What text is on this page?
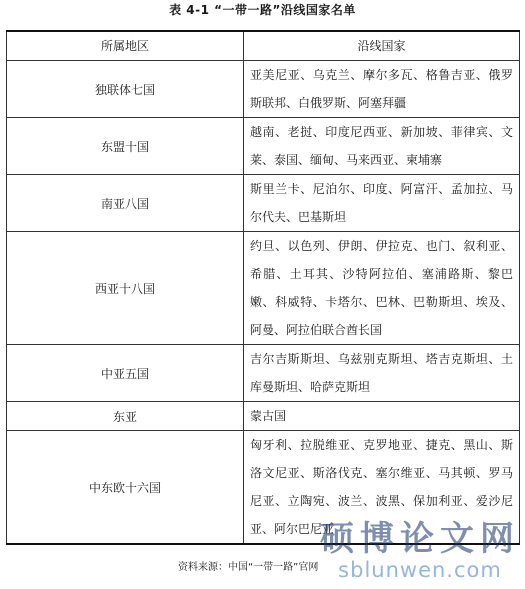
表 4-1 “一带一路”沿线国家名单
所属地区	沿线国家
独联体七国	亚美尼亚、乌克兰、摩尔多瓦、格鲁吉亚、俄罗斯联邦、白俄罗斯、阿塞拜疆
东盟十国	越南、老挝、印度尼西亚、新加坡、菲律宾、文莱、泰国、缅甸、马来西亚、柬埔寨
南亚八国	斯里兰卡、尼泊尔、印度、阿富汗、孟加拉、马尔代夫、巴基斯坦
西亚十八国	约旦、以色列、伊朗、伊拉克、也门、叙利亚、希腊、土耳其、沙特阿拉伯、塞浦路斯、黎巴嫩、科威特、卡塔尔、巴林、巴勒斯坦、埃及、阿曼、阿拉伯联合酋长国
中亚五国	吉尔吉斯斯坦、乌兹别克斯坦、塔吉克斯坦、土库曼斯坦、哈萨克斯坦
东亚	蒙古国
中东欧十六国	匈牙利、拉脱维亚、克罗地亚、捷克、黑山、斯洛文尼亚、斯洛伐克、塞尔维亚、马其顿、罗马尼亚、立陶宛、波兰、波黑、保加利亚、爱沙尼亚、阿尔巴尼亚
资料来源：中国“一带一路”官网
硕博论文网
sblunwen.com
